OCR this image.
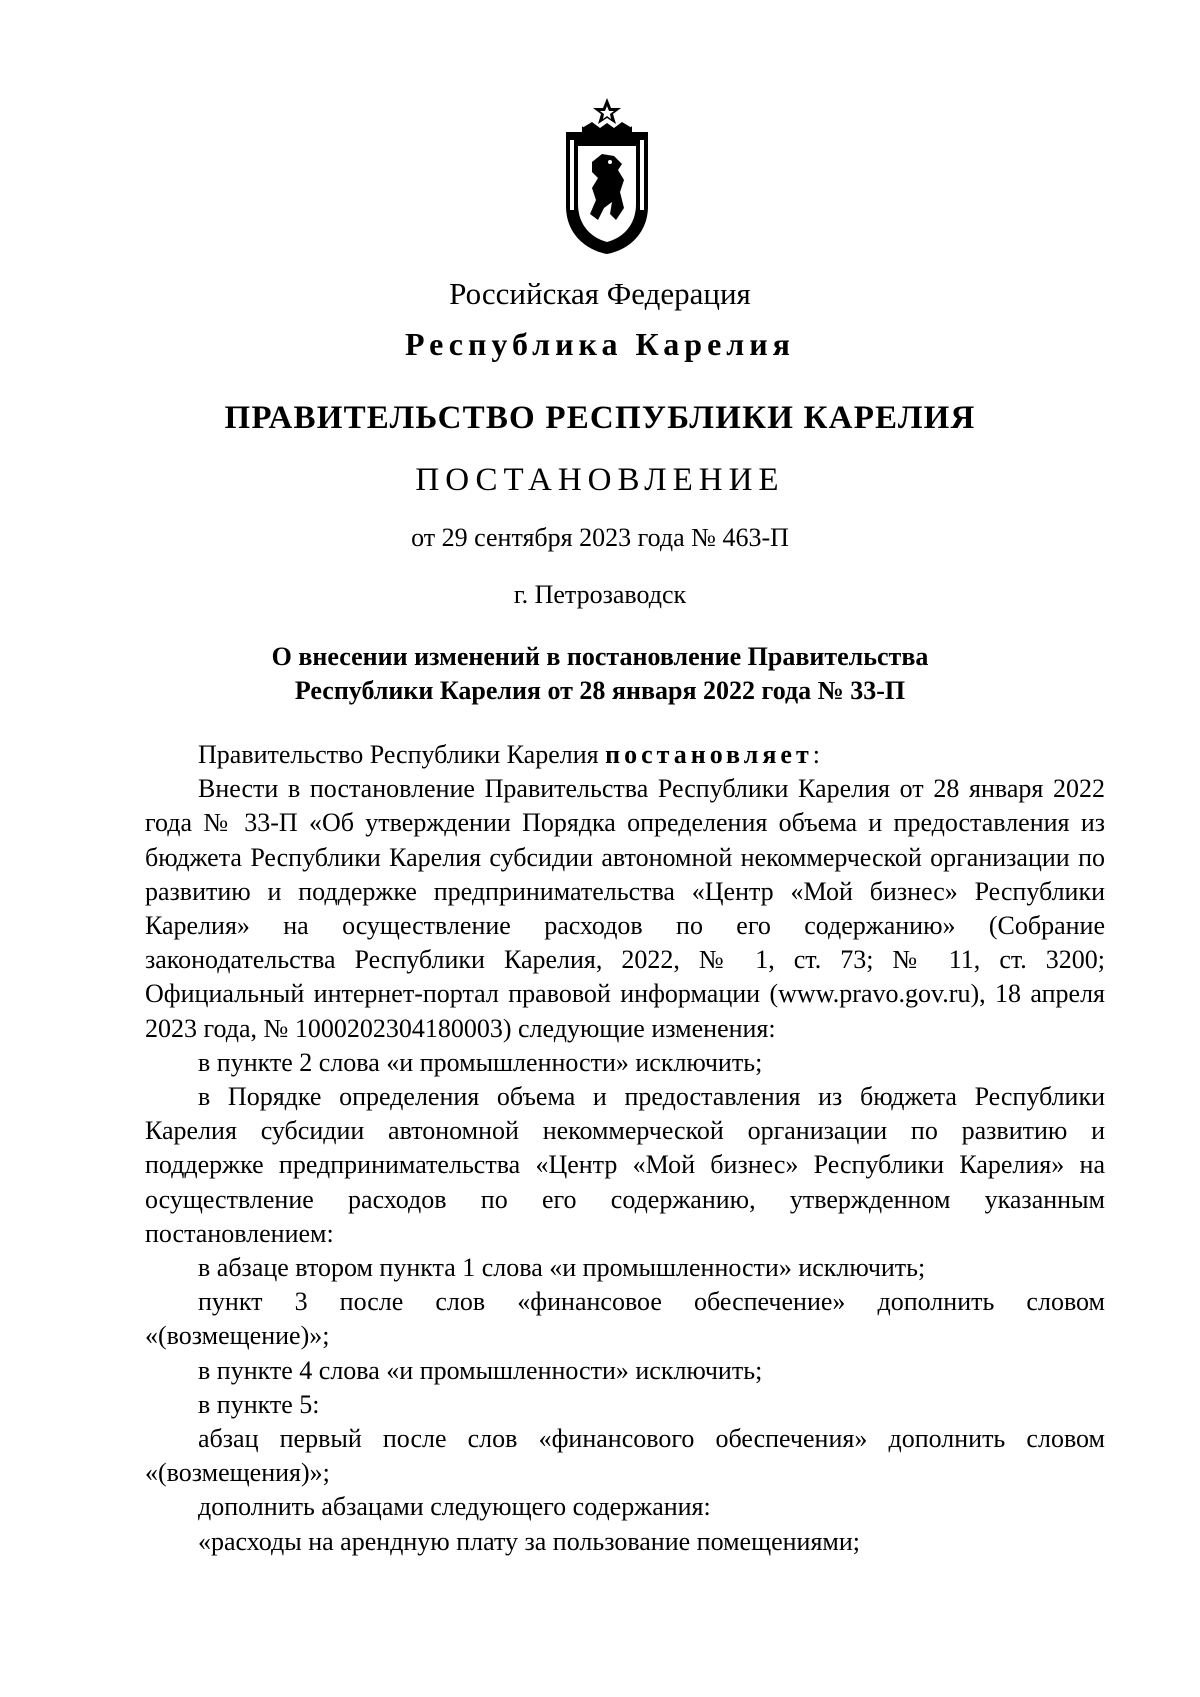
Российская Федерация
Республика Карелия
ПРАВИТЕЛЬСТВО РЕСПУБЛИКИ КАРЕЛИЯ
ПОСТАНОВЛЕНИЕ
от 29 сентября 2023 года № 463-П
г. Петрозаводск
О внесении изменений в постановление Правительства
Республики Карелия от 28 января 2022 года № 33-П

Правительство Республики Карелия постановляет:

Внести в постановление Правительства Республики Карелия от 28 января 2022 года № 33-П «Об утверждении Порядка определения объема и предоставления из бюджета Республики Карелия субсидии автономной некоммерческой организации по развитию и поддержке предпринимательства «Центр «Мой бизнес» Республики Карелия» на осуществление расходов по его содержанию» (Собрание законодательства Республики Карелия, 2022, № 1, ст. 73; № 11, ст. 3200; Официальный интернет-портал правовой информации (www.pravo.gov.ru), 18 апреля 2023 года, № 1000202304180003) следующие изменения:

в пункте 2 слова «и промышленности» исключить;

в Порядке определения объема и предоставления из бюджета Республики Карелия субсидии автономной некоммерческой организации по развитию и поддержке предпринимательства «Центр «Мой бизнес» Республики Карелия» на осуществление расходов по его содержанию, утвержденном указанным постановлением:

в абзаце втором пункта 1 слова «и промышленности» исключить;

пункт 3 после слов «финансовое обеспечение» дополнить словом «(возмещение)»;

в пункте 4 слова «и промышленности» исключить;

в пункте 5:

абзац первый после слов «финансового обеспечения» дополнить словом «(возмещения)»;

дополнить абзацами следующего содержания:

«расходы на арендную плату за пользование помещениями;
